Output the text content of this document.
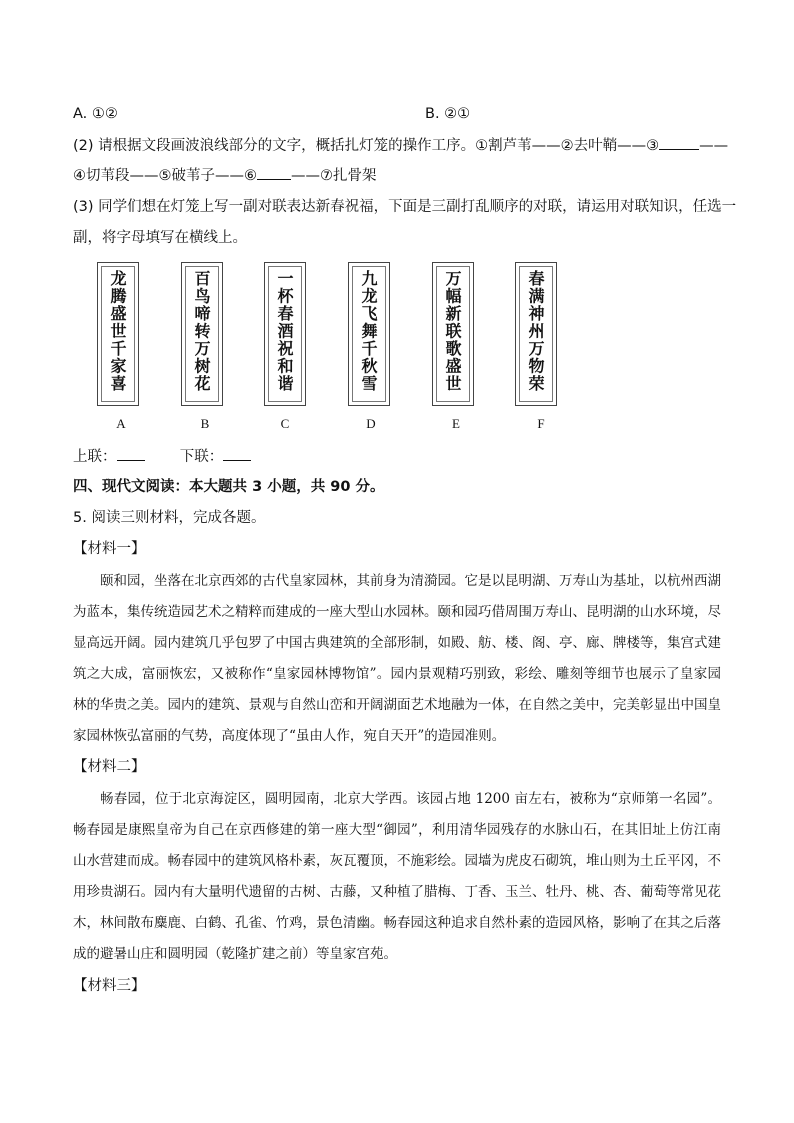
A. ①②	B. ②①
(2) 请根据文段画波浪线部分的文字，概括扎灯笼的操作工序。①割芦苇——②去叶鞘——③	——
④切苇段——⑤破苇子——⑥ ——⑦扎骨架
(3) 同学们想在灯笼上写一副对联表达新春祝福，下面是三副打乱顺序的对联，请运用对联知识，任选一
副，将字母填写在横线上。
龙腾盛世千家喜	百鸟啼转万树花	一杯春酒祝和谐	九龙飞舞千秋雪	万幅新联歌盛世	春满神州万物荣
A	B	C	D	E	F
上联：	下联：
四、现代文阅读：本大题共 3 小题，共 90 分。
5. 阅读三则材料，完成各题。
【材料一】
颐和园，坐落在北京西郊的古代皇家园林，其前身为清漪园。它是以昆明湖、万寿山为基址，以杭州西湖为蓝本，集传统造园艺术之精粹而建成的一座大型山水园林。颐和园巧借周围万寿山、昆明湖的山水环境，尽显高远开阔。园内建筑几乎包罗了中国古典建筑的全部形制，如殿、舫、楼、阁、亭、廊、牌楼等，集宫式建筑之大成，富丽恢宏，又被称作“皇家园林博物馆”。园内景观精巧别致，彩绘、雕刻等细节也展示了皇家园林的华贵之美。园内的建筑、景观与自然山峦和开阔湖面艺术地融为一体，在自然之美中，完美彰显出中国皇家园林恢弘富丽的气势，高度体现了“虽由人作，宛自天开”的造园准则。
【材料二】
畅春园，位于北京海淀区，圆明园南，北京大学西。该园占地 1200 亩左右，被称为“京师第一名园”。畅春园是康熙皇帝为自己在京西修建的第一座大型“御园”，利用清华园残存的水脉山石，在其旧址上仿江南山水营建而成。畅春园中的建筑风格朴素，灰瓦覆顶，不施彩绘。园墙为虎皮石砌筑，堆山则为土丘平冈，不用珍贵湖石。园内有大量明代遗留的古树、古藤，又种植了腊梅、丁香、玉兰、牡丹、桃、杏、葡萄等常见花木，林间散布麋鹿、白鹤、孔雀、竹鸡，景色清幽。畅春园这种追求自然朴素的造园风格，影响了在其之后落成的避暑山庄和圆明园（乾隆扩建之前）等皇家宫苑。
【材料三】
